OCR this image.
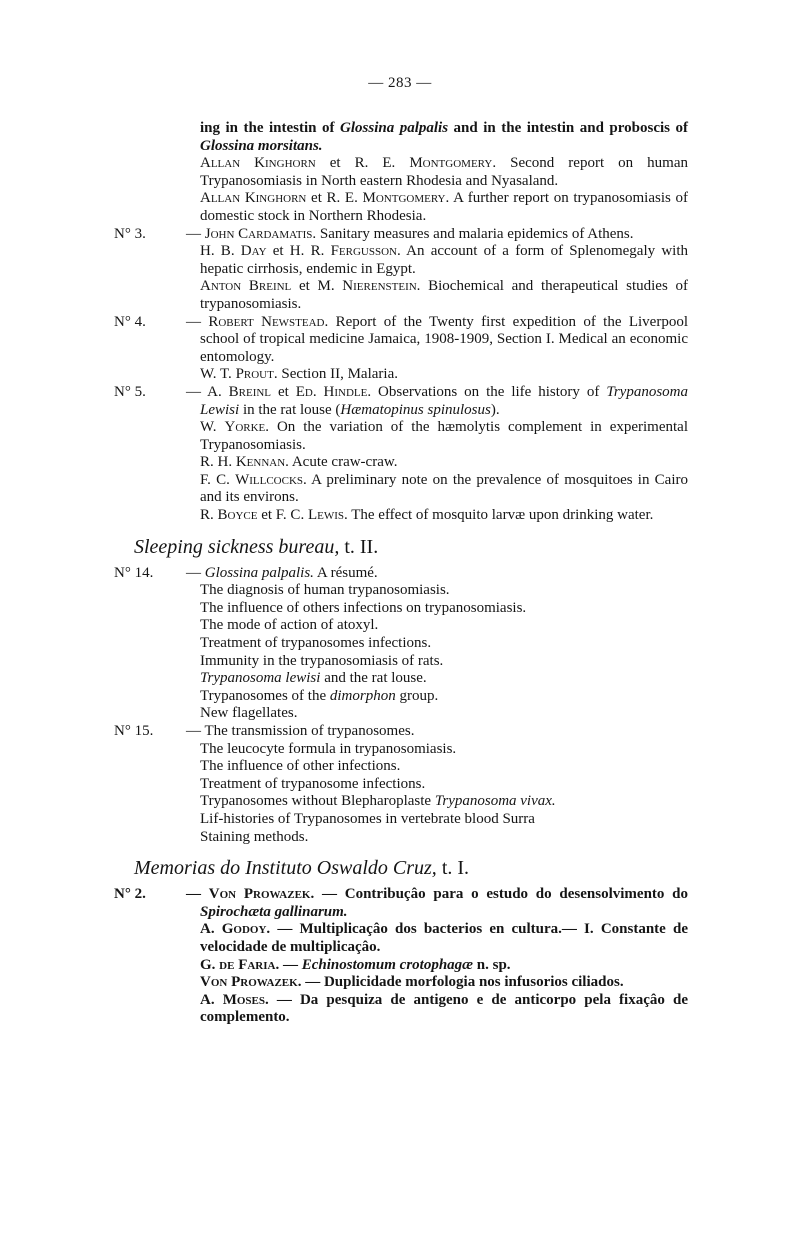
— 283 —
ing in the intestin of Glossina palpalis and in the intestin and proboscis of Glossina morsitans.
Allan Kinghorn et R. E. Montgomery. Second report on human Trypanosomiasis in North eastern Rhodesia and Nyasaland.
Allan Kinghorn et R. E. Montgomery. A further report on trypanosomiasis of domestic stock in Northern Rhodesia.
N° 3.	— John Cardamatis. Sanitary measures and malaria epidemics of Athens.
H. B. Day et H. R. Fergusson. An account of a form of Splenomegaly with hepatic cirrhosis, endemic in Egypt.
Anton Breinl et M. Nierenstein. Biochemical and therapeutical studies of trypanosomiasis.
N° 4.	— Robert Newstead. Report of the Twenty first expedition of the Liverpool school of tropical medicine Jamaica, 1908-1909, Section I. Medical an economic entomology.
W. T. Prout. Section II, Malaria.
N° 5.	— A. Breinl et Ed. Hindle. Observations on the life history of Trypanosoma Lewisi in the rat louse (Hæmatopinus spinulosus).
W. Yorke. On the variation of the hæmolytis complement in experimental Trypanosomiasis.
R. H. Kennan. Acute craw-craw.
F. C. Willcocks. A preliminary note on the prevalence of mosquitoes in Cairo and its environs.
R. Boyce et F. C. Lewis. The effect of mosquito larvæ upon drinking water.
Sleeping sickness bureau, t. II.
N° 14. — Glossina palpalis. A résumé.
The diagnosis of human trypanosomiasis.
The influence of others infections on trypanosomiasis.
The mode of action of atoxyl.
Treatment of trypanosomes infections.
Immunity in the trypanosomiasis of rats.
Trypanosoma lewisi and the rat louse.
Trypanosomes of the dimorphon group.
New flagellates.
N° 15. — The transmission of trypanosomes.
The leucocyte formula in trypanosomiasis.
The influence of other infections.
Treatment of trypanosome infections.
Trypanosomes without Blepharoplaste Trypanosoma vivax.
Lif-histories of Trypanosomes in vertebrate blood Surra
Staining methods.
Memorias do Instituto Oswaldo Cruz, t. I.
N° 2.	— Von Prowazek. — Contribuçâo para o estudo do desensolvimento do Spirochæta gallinarum.
A. Godoy. — Multiplicaçâo dos bacterios en cultura.— I. Constante de velocidade de multiplicaçâo.
G. de Faria. — Echinostomum crotophagæ n. sp.
Von Prowazek. — Duplicidade morfologia nos infusorios ciliados.
A. Moses. — Da pesquiza de antigeno e de anticorpo pela fixaçâo de complemento.
